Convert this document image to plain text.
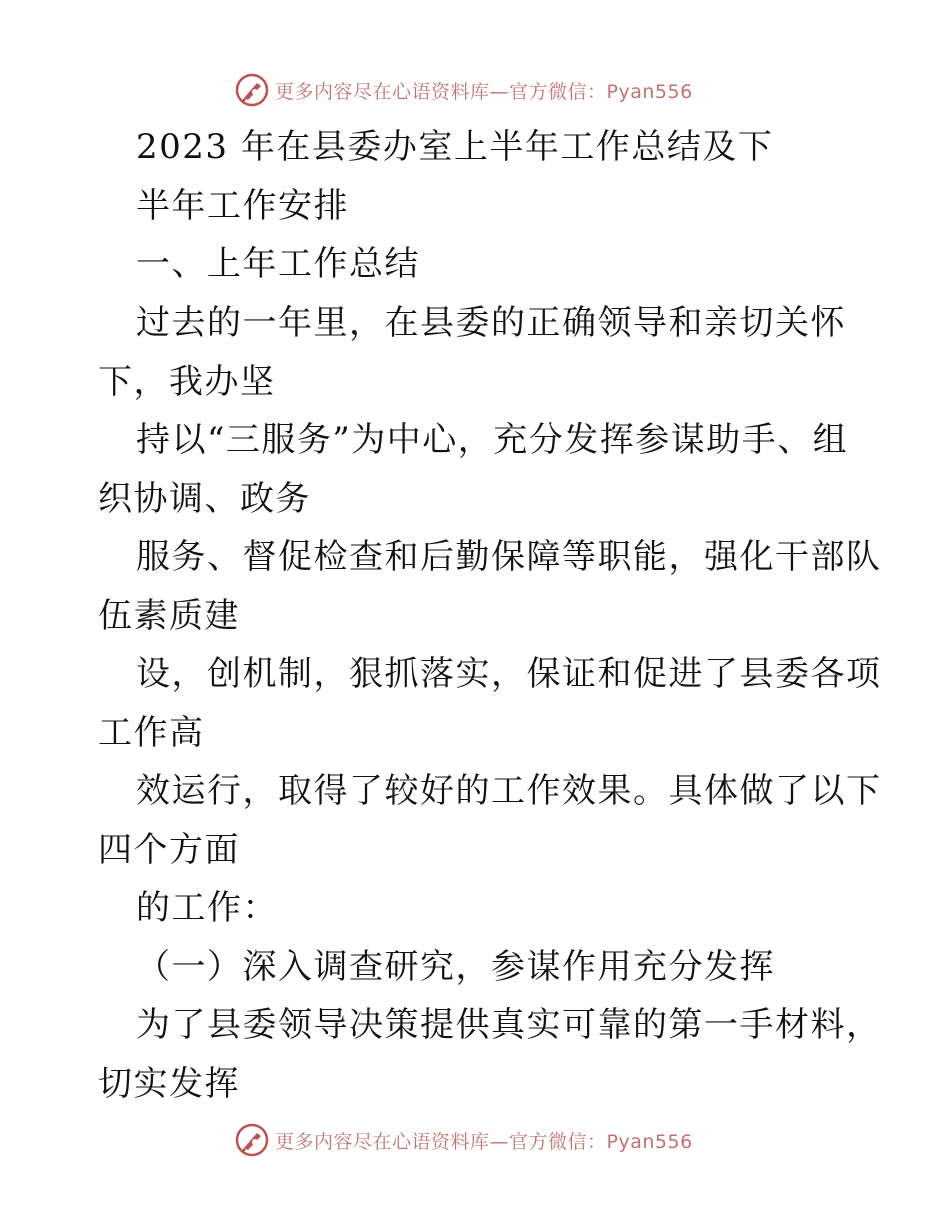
更多内容尽在心语资料库—官方微信：Pyan556
2023 年在县委办室上半年工作总结及下
半年工作安排
一、上年工作总结
过去的一年里，在县委的正确领导和亲切关怀
下，我办坚
持以“三服务”为中心，充分发挥参谋助手、组
织协调、政务
服务、督促检查和后勤保障等职能，强化干部队
伍素质建
设，创机制，狠抓落实，保证和促进了县委各项
工作高
效运行，取得了较好的工作效果。具体做了以下
四个方面
的工作：
（一）深入调查研究，参谋作用充分发挥
为了县委领导决策提供真实可靠的第一手材料，
切实发挥
更多内容尽在心语资料库—官方微信：Pyan556
